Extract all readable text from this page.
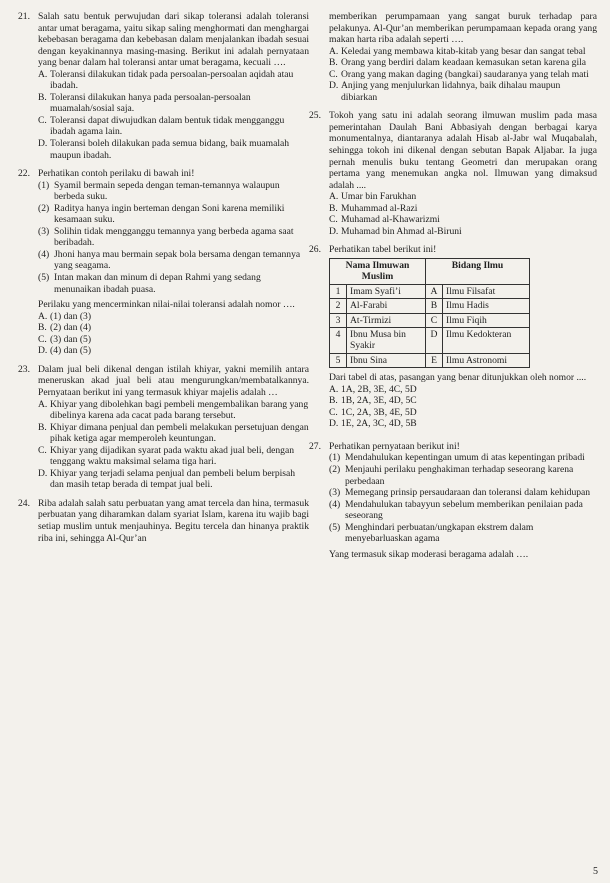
21. Salah satu bentuk perwujudan dari sikap toleransi adalah toleransi antar umat beragama, yaitu sikap saling menghormati dan menghargai kebebasan beragama dan kebebasan dalam menjalankan ibadah sesuai dengan keyakinannya masing-masing. Berikut ini adalah pernyataan yang benar dalam hal toleransi antar umat beragama, kecuali ….

A. Toleransi dilakukan tidak pada persoalan-persoalan aqidah atau ibadah.
B. Toleransi dilakukan hanya pada persoalan-persoalan muamalah/sosial saja.
C. Toleransi dapat diwujudkan dalam bentuk tidak mengganggu ibadah agama lain.
D. Toleransi boleh dilakukan pada semua bidang, baik muamalah maupun ibadah.
22. Perhatikan contoh perilaku di bawah ini!

(1) Syamil bermain sepeda dengan teman-temannya walaupun berbeda suku.
(2) Raditya hanya ingin berteman dengan Soni karena memiliki kesamaan suku.
(3) Solihin tidak mengganggu temannya yang berbeda agama saat beribadah.
(4) Jhoni hanya mau bermain sepak bola bersama dengan temannya yang seagama.
(5) Intan makan dan minum di depan Rahmi yang sedang menunaikan ibadah puasa.

Perilaku yang mencerminkan nilai-nilai toleransi adalah nomor ….

A. (1) dan (3)
B. (2) dan (4)
C. (3) dan (5)
D. (4) dan (5)
23. Dalam jual beli dikenal dengan istilah khiyar, yakni memilih antara meneruskan akad jual beli atau mengurungkan/membatalkannya. Pernyataan berikut ini yang termasuk khiyar majelis adalah …

A. Khiyar yang dibolehkan bagi pembeli mengembalikan barang yang dibelinya karena ada cacat pada barang tersebut.
B. Khiyar dimana penjual dan pembeli melakukan persetujuan dengan pihak ketiga agar memperoleh keuntungan.
C. Khiyar yang dijadikan syarat pada waktu akad jual beli, dengan tenggang waktu maksimal selama tiga hari.
D. Khiyar yang terjadi selama penjual dan pembeli belum berpisah dan masih tetap berada di tempat jual beli.
24. Riba adalah salah satu perbuatan yang amat tercela dan hina, termasuk perbuatan yang diharamkan dalam syariat Islam, karena itu wajib bagi setiap muslim untuk menjauhinya. Begitu tercela dan hinanya praktik riba ini, sehingga Al-Qur’an

memberikan perumpamaan yang sangat buruk terhadap para pelakunya. Al-Qur’an memberikan perumpamaan kepada orang yang makan harta riba adalah seperti ….

A. Keledai yang membawa kitab-kitab yang besar dan sangat tebal
B. Orang yang berdiri dalam keadaan kemasukan setan karena gila
C. Orang yang makan daging (bangkai) saudaranya yang telah mati
D. Anjing yang menjulurkan lidahnya, baik dihalau maupun dibiarkan
25. Tokoh yang satu ini adalah seorang ilmuwan muslim pada masa pemerintahan Daulah Bani Abbasiyah dengan berbagai karya monumentalnya, diantaranya adalah Hisab al-Jabr wal Muqabalah, sehingga tokoh ini dikenal dengan sebutan Bapak Aljabar. Ia juga pernah menulis buku tentang Geometri dan merupakan orang pertama yang menemukan angka nol. Ilmuwan yang dimaksud adalah ....

A. Umar bin Farukhan
B. Muhammad al-Razi
C. Muhamad al-Khawarizmi
D. Muhamad bin Ahmad al-Biruni
26. Perhatikan tabel berikut ini!

Nama Ilmuwan Muslim		Bidang Ilmu	
1	Imam Syafi’i	A	Ilmu Filsafat
2	Al-Farabi	B	Ilmu Hadis
3	At-Tirmizi	C	Ilmu Fiqih
4	Ibnu Musa bin Syakir	D	Ilmu Kedokteran
5	Ibnu Sina	E	Ilmu Astronomi

Dari tabel di atas, pasangan yang benar ditunjukkan oleh nomor ....

A. 1A, 2B, 3E, 4C, 5D
B. 1B, 2A, 3E, 4D, 5C
C. 1C, 2A, 3B, 4E, 5D
D. 1E, 2A, 3C, 4D, 5B
27. Perhatikan pernyataan berikut ini!

(1) Mendahulukan kepentingan umum di atas kepentingan pribadi
(2) Menjauhi perilaku penghakiman terhadap seseorang karena perbedaan
(3) Memegang prinsip persaudaraan dan toleransi dalam kehidupan
(4) Mendahulukan tabayyun sebelum memberikan penilaian pada seseorang
(5) Menghindari perbuatan/ungkapan ekstrem dalam menyebarluaskan agama

Yang termasuk sikap moderasi beragama adalah ….

5
